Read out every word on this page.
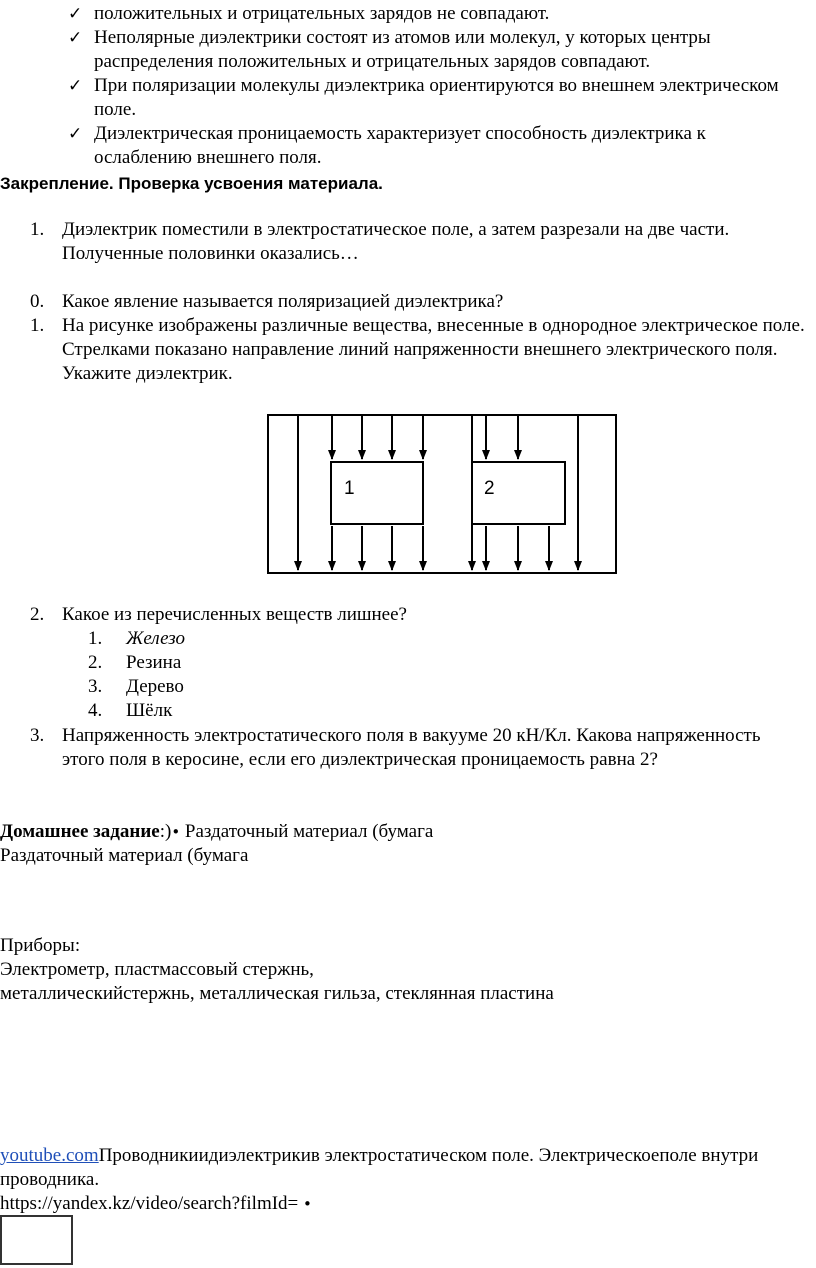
✓ положительных и отрицательных зарядов не совпадают.
✓ Неполярные диэлектрики состоят из атомов или молекул, у которых центры распределения положительных и отрицательных зарядов совпадают.
✓ При поляризации молекулы диэлектрика ориентируются во внешнем электрическом поле.
✓ Диэлектрическая проницаемость характеризует способность диэлектрика к ослаблению внешнего поля.
Закрепление. Проверка усвоения материала.
1. Диэлектрик поместили в электростатическое поле, а затем разрезали на две части. Полученные половинки оказались…
0. Какое явление называется поляризацией диэлектрика?
1. На рисунке изображены различные вещества, внесенные в однородное электрическое поле. Стрелками показано направление линий напряженности внешнего электрического поля. Укажите диэлектрик.
1	2
2. Какое из перечисленных веществ лишнее?
1.	Железо
2.	Резина
3.	Дерево
4.	Шёлк
3. Напряженность электростатического поля в вакууме 20 кН/Кл. Какова напряженность этого поля в керосине, если его диэлектрическая проницаемость равна 2?
Домашнее задание:)• Раздаточный материал (бумага
Раздаточный материал (бумага
Приборы:
Электрометр, пластмассовый стержнь,
металлическийстержнь, металлическая гильза, стеклянная пластина
youtube.comПроводникиидиэлектрикив электростатическом поле. Электрическоеполе внутри проводника.
https://yandex.kz/video/search?filmId= •
